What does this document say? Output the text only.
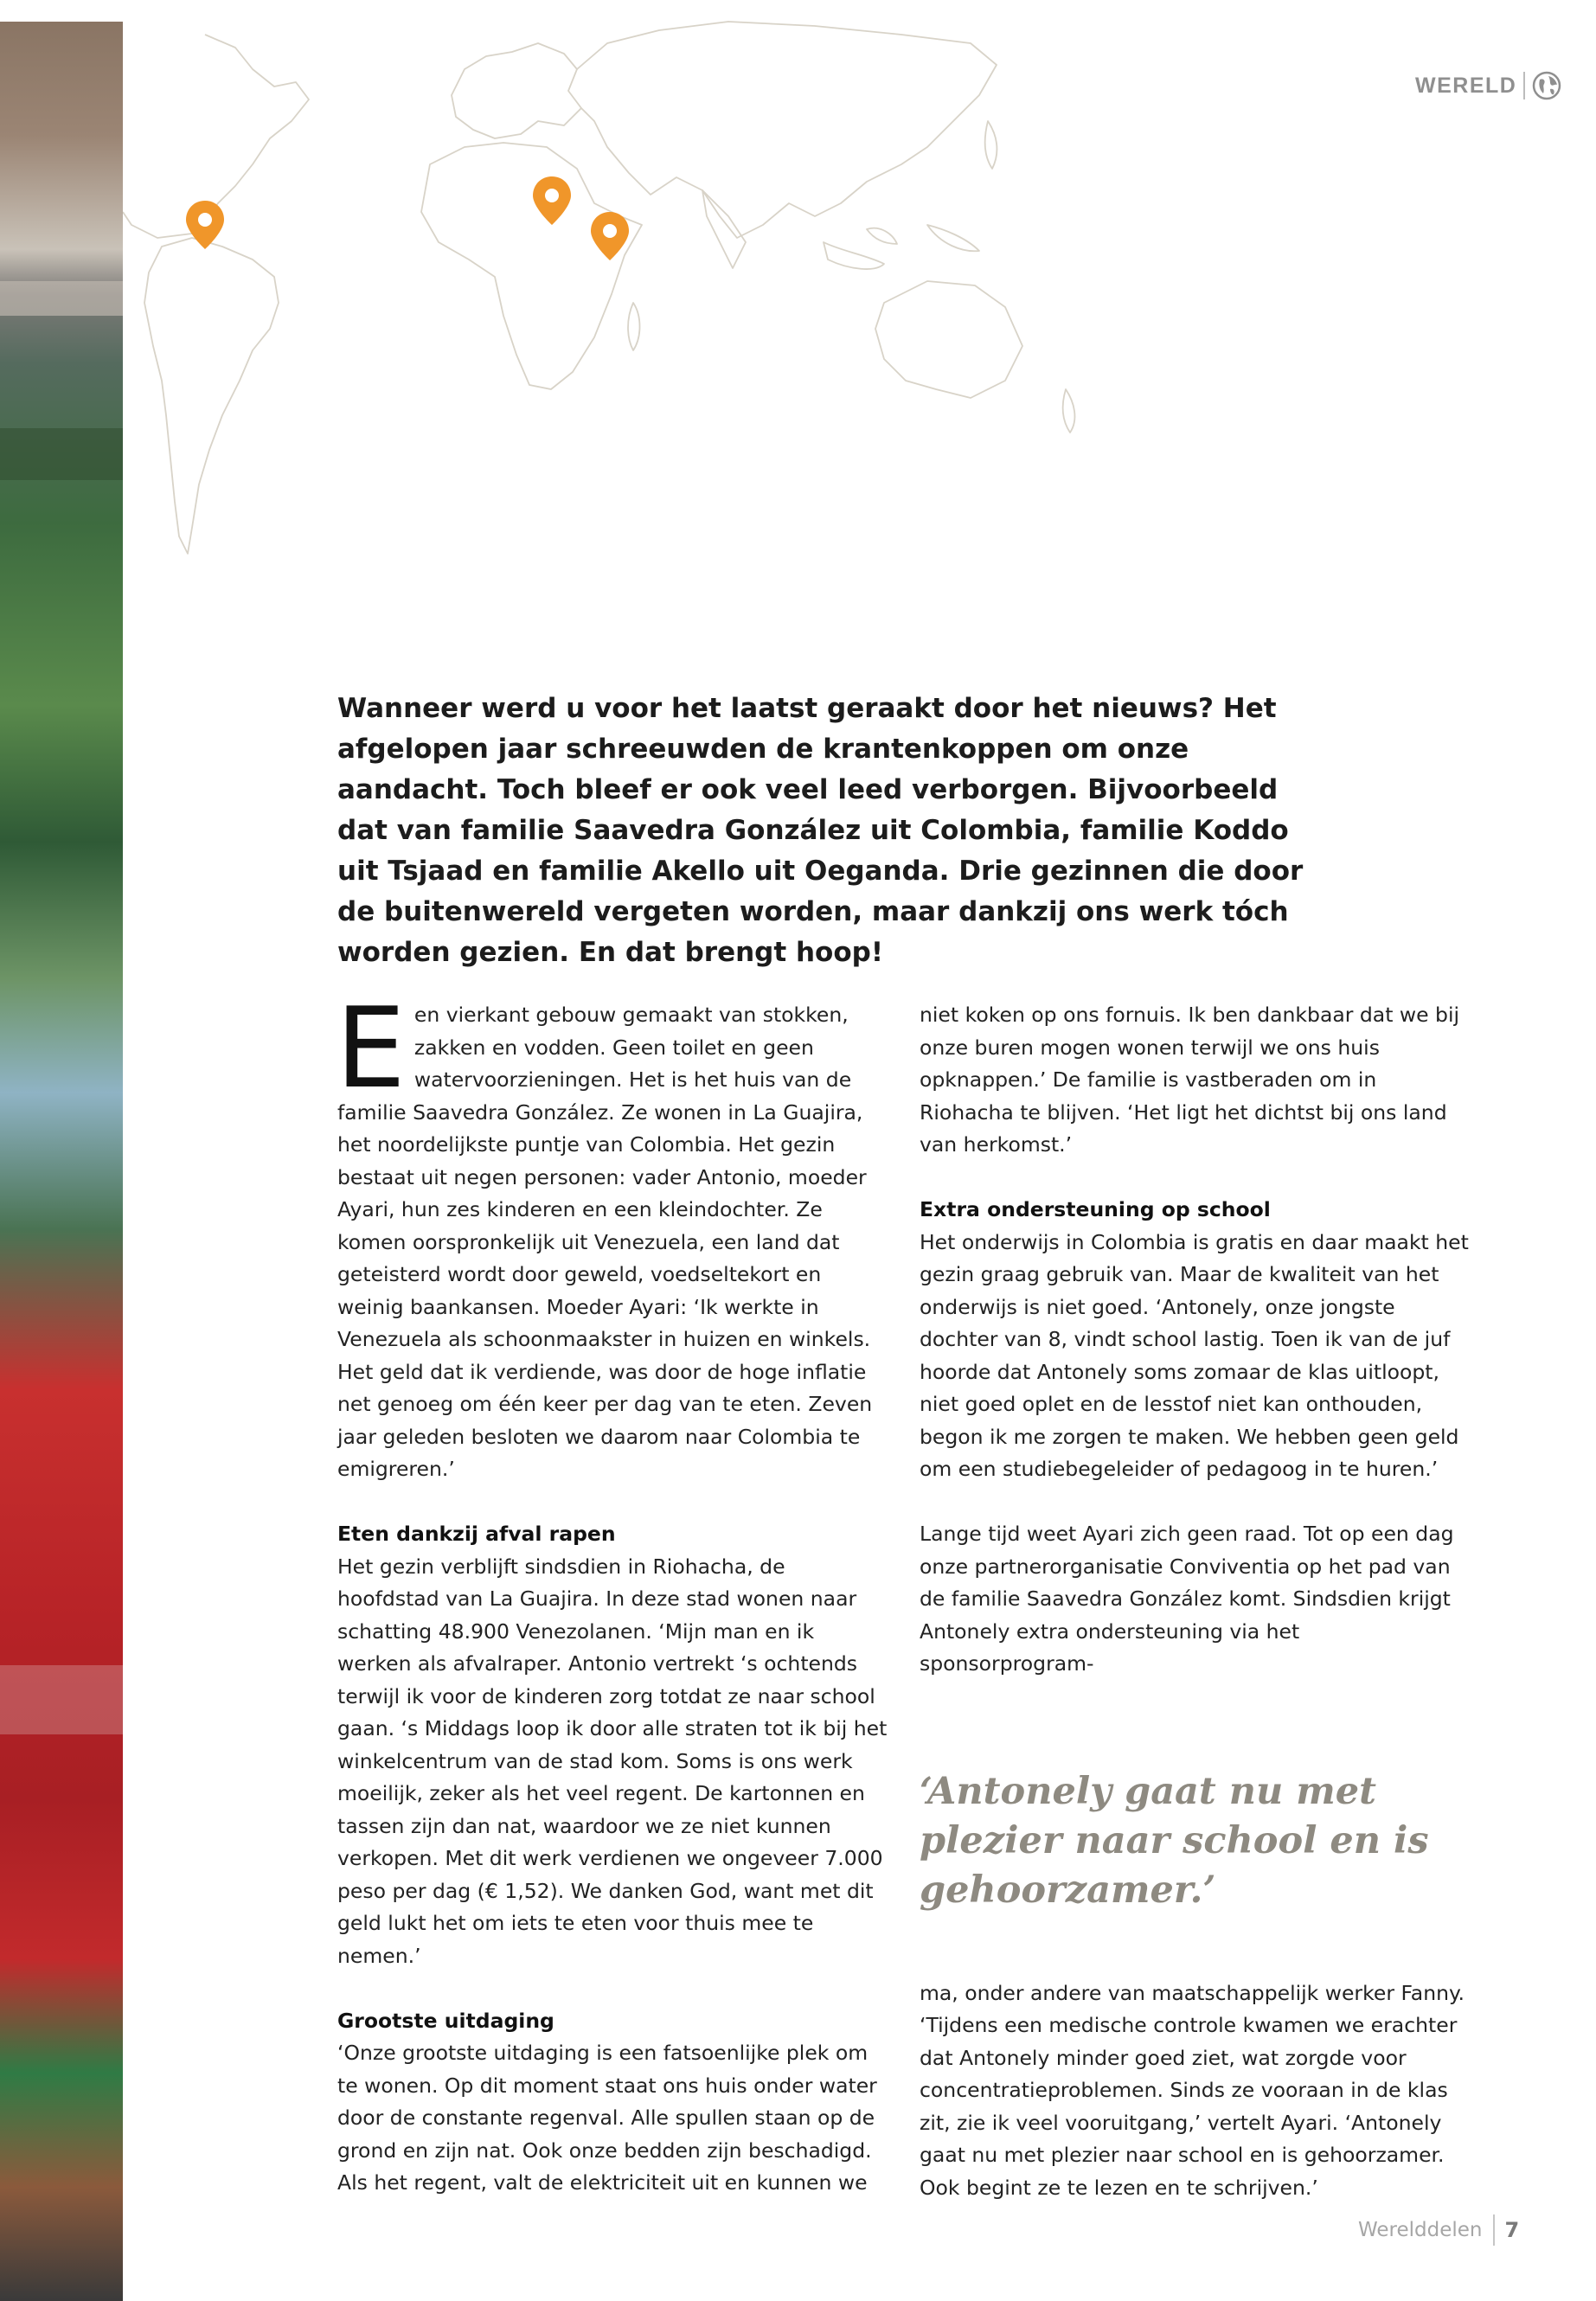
WERELD

Wanneer werd u voor het laatst geraakt door het nieuws? Het afgelopen jaar schreeuwden de krantenkoppen om onze aandacht. Toch bleef er ook veel leed verborgen. Bijvoorbeeld dat van familie Saavedra González uit Colombia, familie Koddo uit Tsjaad en familie Akello uit Oeganda. Drie gezinnen die door de buitenwereld vergeten worden, maar dankzij ons werk tóch worden gezien. En dat brengt hoop!

Een vierkant gebouw gemaakt van stokken, zakken en vodden. Geen toilet en geen watervoorzieningen. Het is het huis van de familie Saavedra González. Ze wonen in La Guajira, het noordelijkste puntje van Colombia. Het gezin bestaat uit negen personen: vader Antonio, moeder Ayari, hun zes kinderen en een kleindochter. Ze komen oorspronkelijk uit Venezuela, een land dat geteisterd wordt door geweld, voedseltekort en weinig baankansen. Moeder Ayari: ‘Ik werkte in Venezuela als schoonmaakster in huizen en winkels. Het geld dat ik verdiende, was door de hoge inflatie net genoeg om één keer per dag van te eten. Zeven jaar geleden besloten we daarom naar Colombia te emigreren.’

Eten dankzij afval rapen

Het gezin verblijft sindsdien in Riohacha, de hoofdstad van La Guajira. In deze stad wonen naar schatting 48.900 Venezolanen. ‘Mijn man en ik werken als afvalraper. Antonio vertrekt ‘s ochtends terwijl ik voor de kinderen zorg totdat ze naar school gaan. ‘s Middags loop ik door alle straten tot ik bij het winkelcentrum van de stad kom. Soms is ons werk moeilijk, zeker als het veel regent. De kartonnen en tassen zijn dan nat, waardoor we ze niet kunnen verkopen. Met dit werk verdienen we ongeveer 7.000 peso per dag (€ 1,52). We danken God, want met dit geld lukt het om iets te eten voor thuis mee te nemen.’

Grootste uitdaging

‘Onze grootste uitdaging is een fatsoenlijke plek om te wonen. Op dit moment staat ons huis onder water door de constante regenval. Alle spullen staan op de grond en zijn nat. Ook onze bedden zijn beschadigd. Als het regent, valt de elektriciteit uit en kunnen we

niet koken op ons fornuis. Ik ben dankbaar dat we bij onze buren mogen wonen terwijl we ons huis opknappen.’ De familie is vastberaden om in Riohacha te blijven. ‘Het ligt het dichtst bij ons land van herkomst.’

Extra ondersteuning op school

Het onderwijs in Colombia is gratis en daar maakt het gezin graag gebruik van. Maar de kwaliteit van het onderwijs is niet goed. ‘Antonely, onze jongste dochter van 8, vindt school lastig. Toen ik van de juf hoorde dat Antonely soms zomaar de klas uitloopt, niet goed oplet en de lesstof niet kan onthouden, begon ik me zorgen te maken. We hebben geen geld om een studiebegeleider of pedagoog in te huren.’

Lange tijd weet Ayari zich geen raad. Tot op een dag onze partnerorganisatie Conviventia op het pad van de familie Saavedra González komt. Sindsdien krijgt Antonely extra ondersteuning via het sponsorprogram-

‘Antonely gaat nu met plezier naar school en is gehoorzamer.’

ma, onder andere van maatschappelijk werker Fanny. ‘Tijdens een medische controle kwamen we erachter dat Antonely minder goed ziet, wat zorgde voor concentratieproblemen. Sinds ze vooraan in de klas zit, zie ik veel vooruitgang,’ vertelt Ayari. ‘Antonely gaat nu met plezier naar school en is gehoorzamer. Ook begint ze te lezen en te schrijven.’

Werelddelen 7
